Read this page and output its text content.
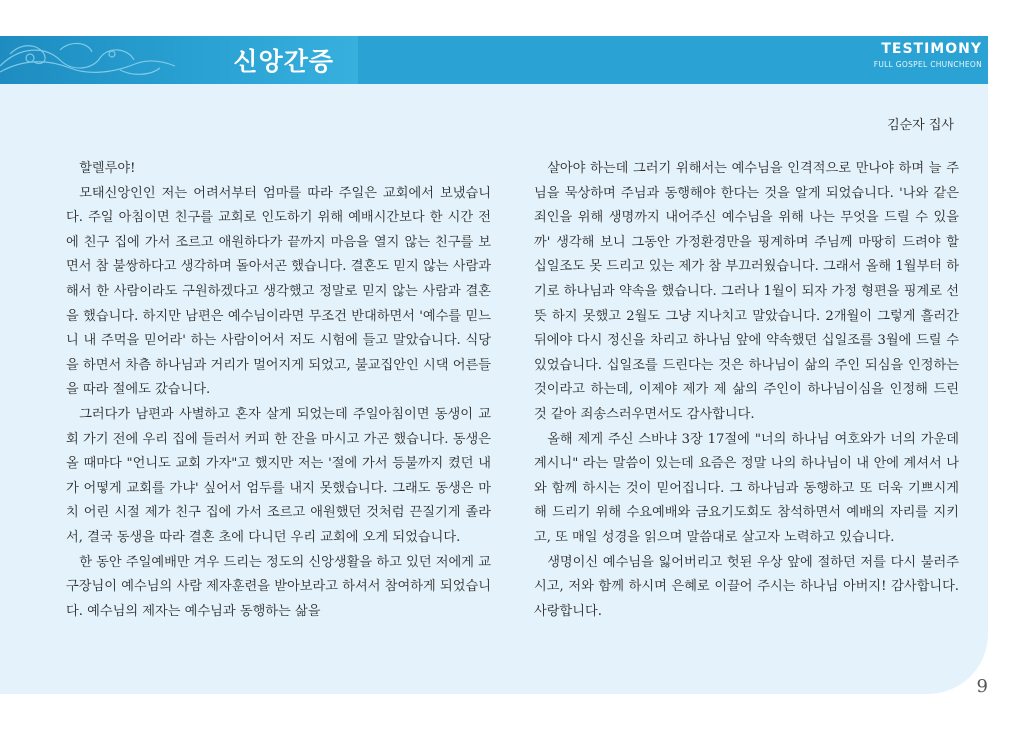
신앙간증	TESTIMONY
FULL GOSPEL CHUNCHEON
김순자 집사

할렐루야!

모태신앙인인 저는 어려서부터 엄마를 따라 주일은 교회에서 보냈습니다. 주일 아침이면 친구를 교회로 인도하기 위해 예배시간보다 한 시간 전에 친구 집에 가서 조르고 애원하다가 끝까지 마음을 열지 않는 친구를 보면서 참 불쌍하다고 생각하며 돌아서곤 했습니다. 결혼도 믿지 않는 사람과 해서 한 사람이라도 구원하겠다고 생각했고 정말로 믿지 않는 사람과 결혼을 했습니다. 하지만 남편은 예수님이라면 무조건 반대하면서 '예수를 믿느니 내 주먹을 믿어라' 하는 사람이어서 저도 시험에 들고 말았습니다. 식당을 하면서 차츰 하나님과 거리가 멀어지게 되었고, 불교집안인 시댁 어른들을 따라 절에도 갔습니다.

그러다가 남편과 사별하고 혼자 살게 되었는데 주일아침이면 동생이 교회 가기 전에 우리 집에 들러서 커피 한 잔을 마시고 가곤 했습니다. 동생은 올 때마다 "언니도 교회 가자"고 했지만 저는 '절에 가서 등불까지 켰던 내가 어떻게 교회를 가냐' 싶어서 엄두를 내지 못했습니다. 그래도 동생은 마치 어린 시절 제가 친구 집에 가서 조르고 애원했던 것처럼 끈질기게 졸라서, 결국 동생을 따라 결혼 초에 다니던 우리 교회에 오게 되었습니다.

한 동안 주일예배만 겨우 드리는 정도의 신앙생활을 하고 있던 저에게 교구장님이 예수님의 사람 제자훈련을 받아보라고 하셔서 참여하게 되었습니다. 예수님의 제자는 예수님과 동행하는 삶을

살아야 하는데 그러기 위해서는 예수님을 인격적으로 만나야 하며 늘 주님을 묵상하며 주님과 동행해야 한다는 것을 알게 되었습니다. '나와 같은 죄인을 위해 생명까지 내어주신 예수님을 위해 나는 무엇을 드릴 수 있을까' 생각해 보니 그동안 가정환경만을 핑계하며 주님께 마땅히 드려야 할 십일조도 못 드리고 있는 제가 참 부끄러웠습니다. 그래서 올해 1월부터 하기로 하나님과 약속을 했습니다. 그러나 1월이 되자 가정 형편을 핑계로 선뜻 하지 못했고 2월도 그냥 지나치고 말았습니다. 2개월이 그렇게 흘러간 뒤에야 다시 정신을 차리고 하나님 앞에 약속했던 십일조를 3월에 드릴 수 있었습니다. 십일조를 드린다는 것은 하나님이 삶의 주인 되심을 인정하는 것이라고 하는데, 이제야 제가 제 삶의 주인이 하나님이심을 인정해 드린 것 같아 죄송스러우면서도 감사합니다.

올해 제게 주신 스바냐 3장 17절에 "너의 하나님 여호와가 너의 가운데 계시니" 라는 말씀이 있는데 요즘은 정말 나의 하나님이 내 안에 계셔서 나와 함께 하시는 것이 믿어집니다. 그 하나님과 동행하고 또 더욱 기쁘시게 해 드리기 위해 수요예배와 금요기도회도 참석하면서 예배의 자리를 지키고, 또 매일 성경을 읽으며 말씀대로 살고자 노력하고 있습니다.

생명이신 예수님을 잃어버리고 헛된 우상 앞에 절하던 저를 다시 불러주시고, 저와 함께 하시며 은혜로 이끌어 주시는 하나님 아버지! 감사합니다. 사랑합니다.

9
